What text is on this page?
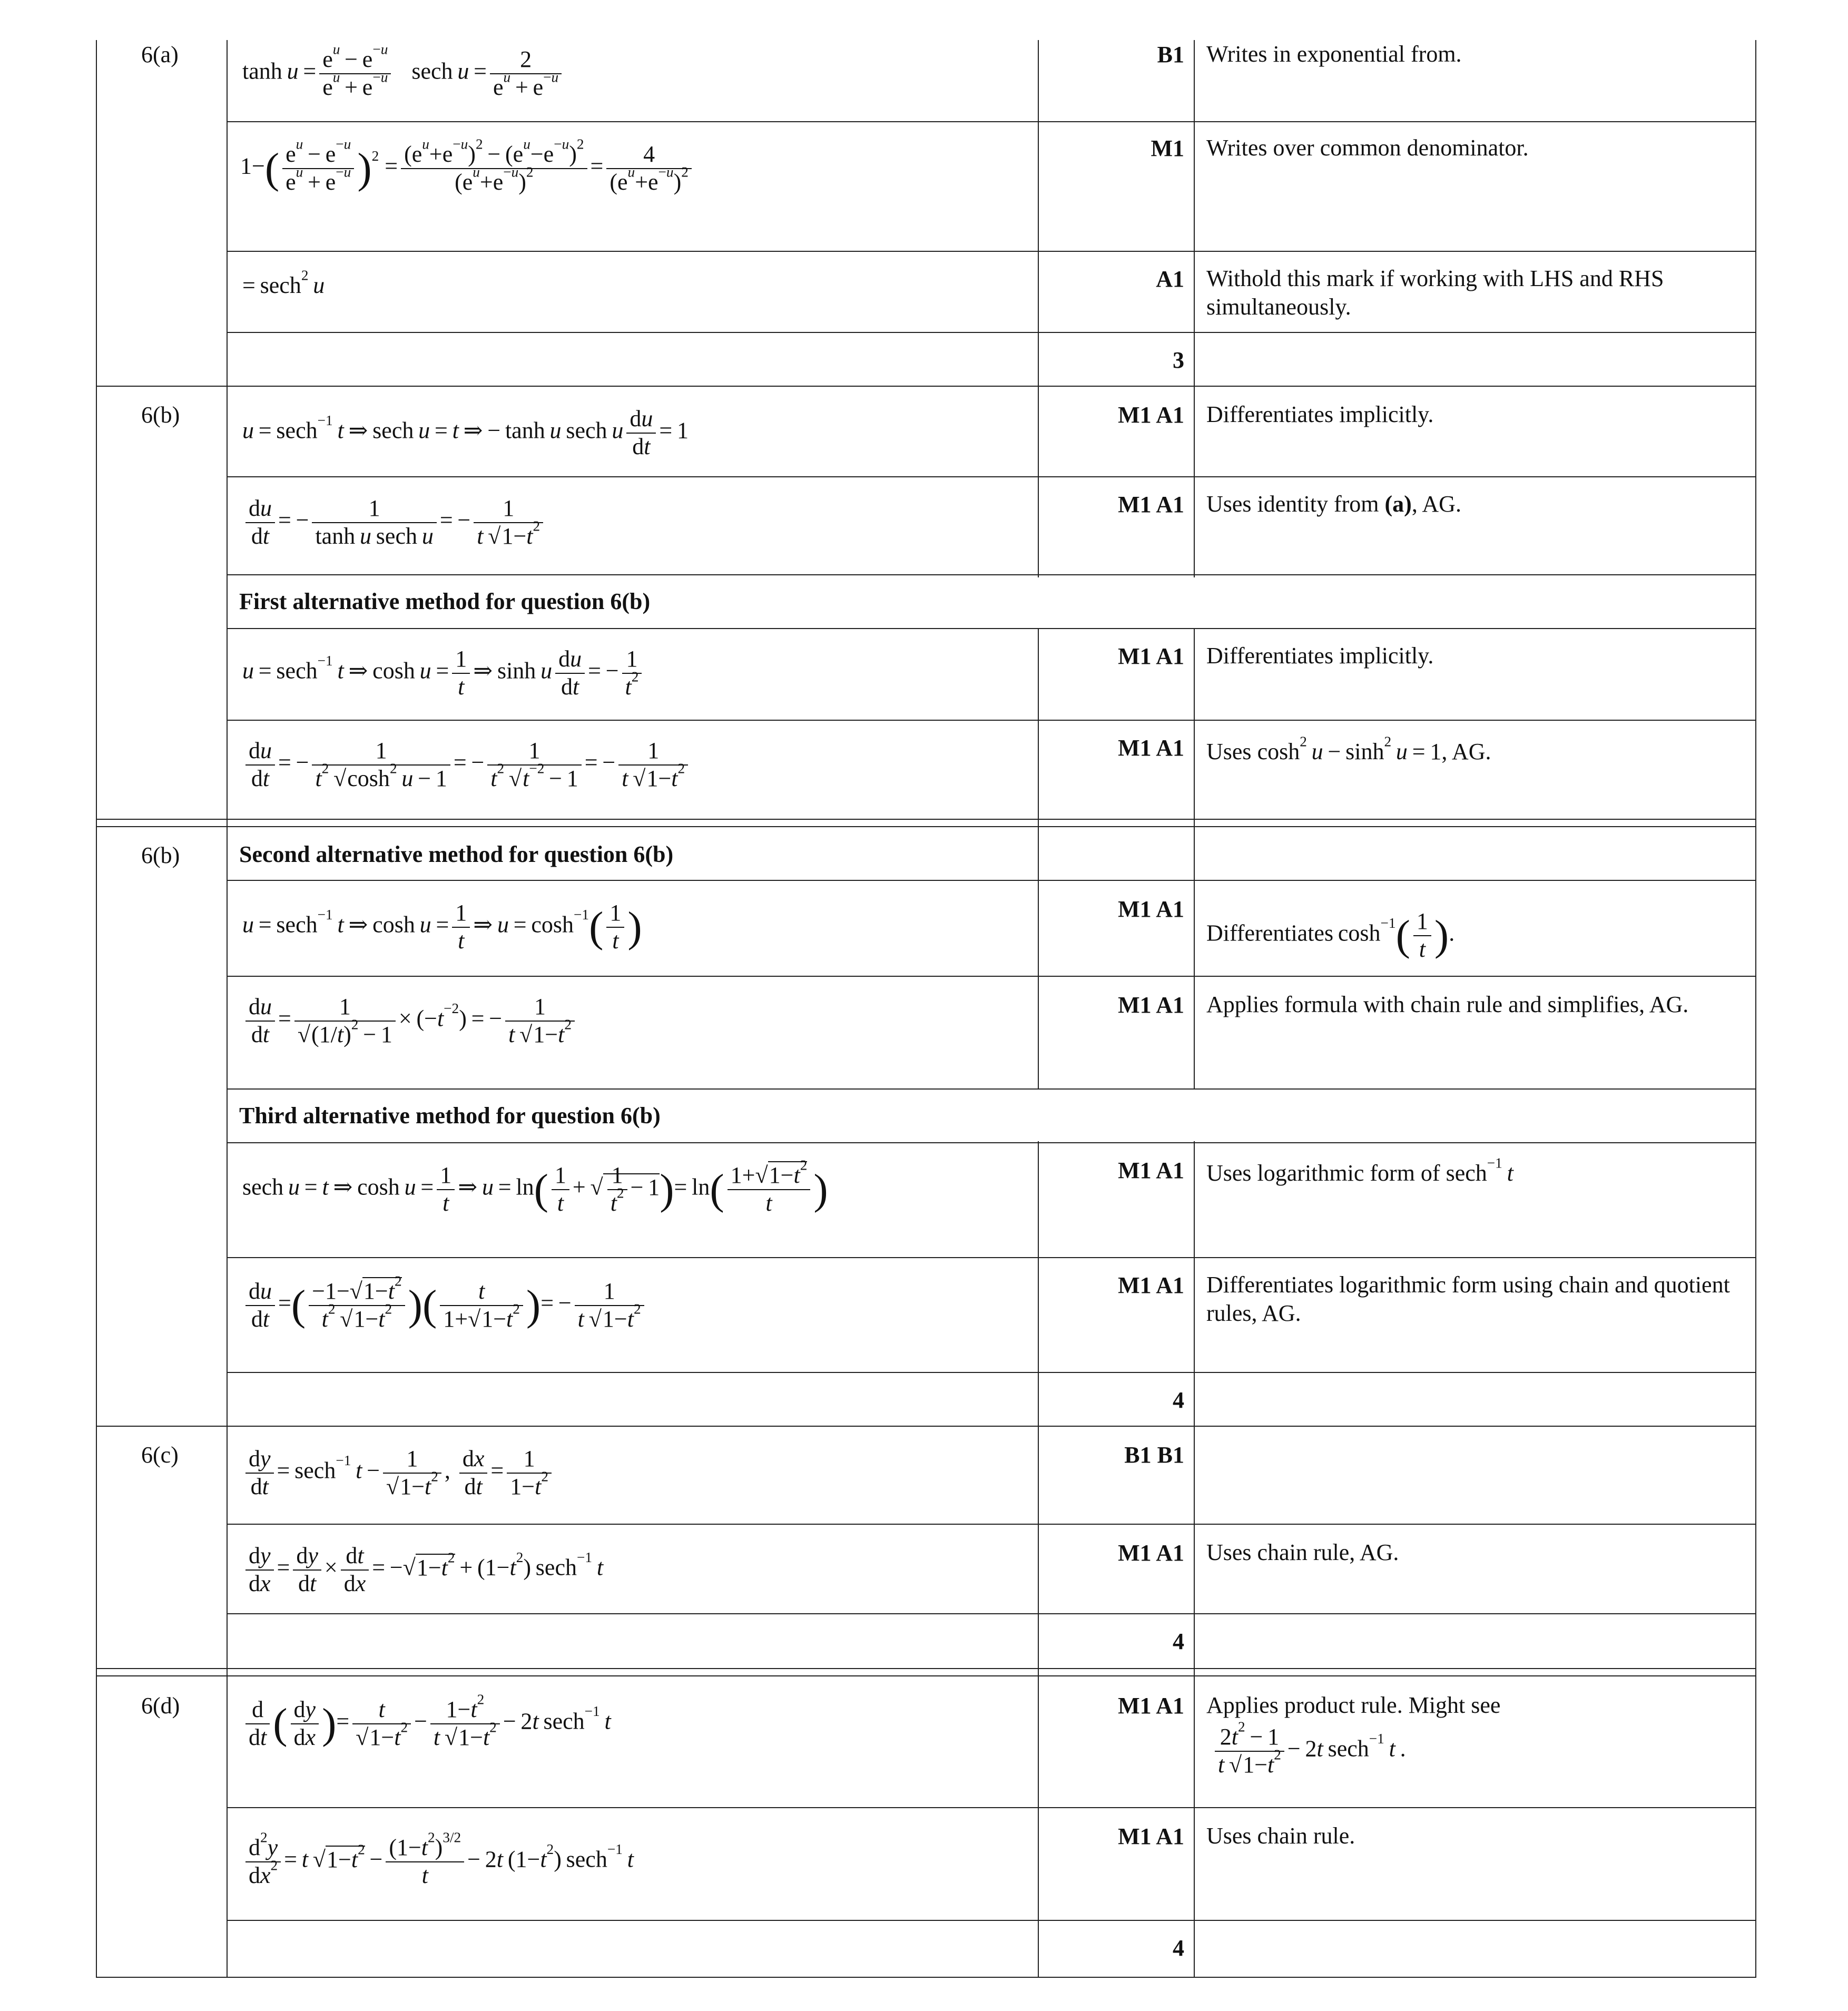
6(a)
6(b)
6(b)
6(c)
6(d)
B1
M1
A1
3
M1 A1
M1 A1
M1 A1
M1 A1
M1 A1
M1 A1
M1 A1
M1 A1
4
B1 B1
M1 A1
4
M1 A1
M1 A1
4
Writes in exponential from.
Writes over common denominator.
Withold this mark if working with LHS and RHS simultaneously.
Differentiates implicitly.
Uses identity from (a), AG.
Differentiates implicitly.
Uses $\cosh^2 u - \sinh^2 u = 1$, AG.
Differentiates $\cosh^{-1}( \frac{1}{t}$ ).
Applies formula with chain rule and simplifies, AG.
Uses logarithmic form of sech$^{-1}$  t
Differentiates logarithmic form using chain and quotient rules, AG.
Uses chain rule, AG.
Applies product rule. Might see
$\frac{2t^2 - 1}{t √1-t^2} - 2t$ sech$^{-1}$  t .
Uses chain rule.
First alternative method for question 6(b)
Second alternative method for question 6(b)
Third alternative method for question 6(b)
$\tanh u = \frac{e^u - e^{-u}}{e^u + e^{-u}}$ sech $u = \frac{2}{e^u + e^{-u}}$
$1-( \frac{e^u - e^{-u}}{e^u + e^{-u}} )^2 = \frac{(e^u+e^{-u})^2 - (e^u-e^{-u})^2}{(e^u+e^{-u})^2} = \frac{4}{(e^u+e^{-u})^2}$
= sech$^2$  u
u = sech$^{-1}$  t ⇒ sech u = t ⇒ − tanh u sech u $\frac{du}{dt} = 1$
$\frac{du}{dt}$ = −	1
tanh u sech u
= − $\frac{1}{t √1-t^2}$
u = sech$^{-1}$  t ⇒ $\cosh u = \frac{1}{t}$ ⇒ sinh u $\frac{du}{dt}$ = − $\frac{1}{t^2}$
$\frac{du}{dt}$ = − $\frac{1}{t^2 √\cosh^2 u - 1}$ = − $\frac{1}{t^2 √t^{-2} - 1}$ = − $\frac{1}{t √1-t^2}$
u = sech$^{-1}$  t ⇒ $\cosh u = \frac{1}{t}$ ⇒ $u = \cosh^{-1}( \frac{1}{t}$ )
$\frac{du}{dt} = \frac{1}{√(1/t)^2 - 1} \times (-t^{-2})$ = − $\frac{1}{t √1-t^2}$
sech u = t ⇒ $\cosh u = \frac{1}{t}$ ⇒ $u = \ln( \frac{1}{t}$ + √ $\frac{1}{t^2} - 1)= \ln( \frac{1+√1-t^2}{t}$ )
$\frac{du}{dt}$ =( $\frac{-1-√1-t^2}{t^2 √1-t^2}$ )( $\frac{t}{1+√1-t^2}$ )= − $\frac{1}{t √1-t^2}$
$\frac{dy}{dt} = \sec h^{-1}$  $t - \frac{1}{√1-t^2}$ , $\frac{dx}{dt} = \frac{1}{1-t^2}$
$\frac{dy}{dx} = \frac{dy}{dt} \times \frac{dt}{dx} = -√1-t^2 + (1-t^2)$ sech$^{-1}$  t
$\frac{d}{dt}$ ( $\frac{dy}{dx}$ )= $\frac{t}{√1-t^2} - \frac{1-t^2}{t √1-t^2} - 2t$ sech$^{-1}$  t
$\frac{d^2y}{dx^2} = t$ $√1-t^2 - \frac{(1-t^2)^{3/2}}{t} - 2t$ $(1-t^2)$ sech$^{-1}$  t
